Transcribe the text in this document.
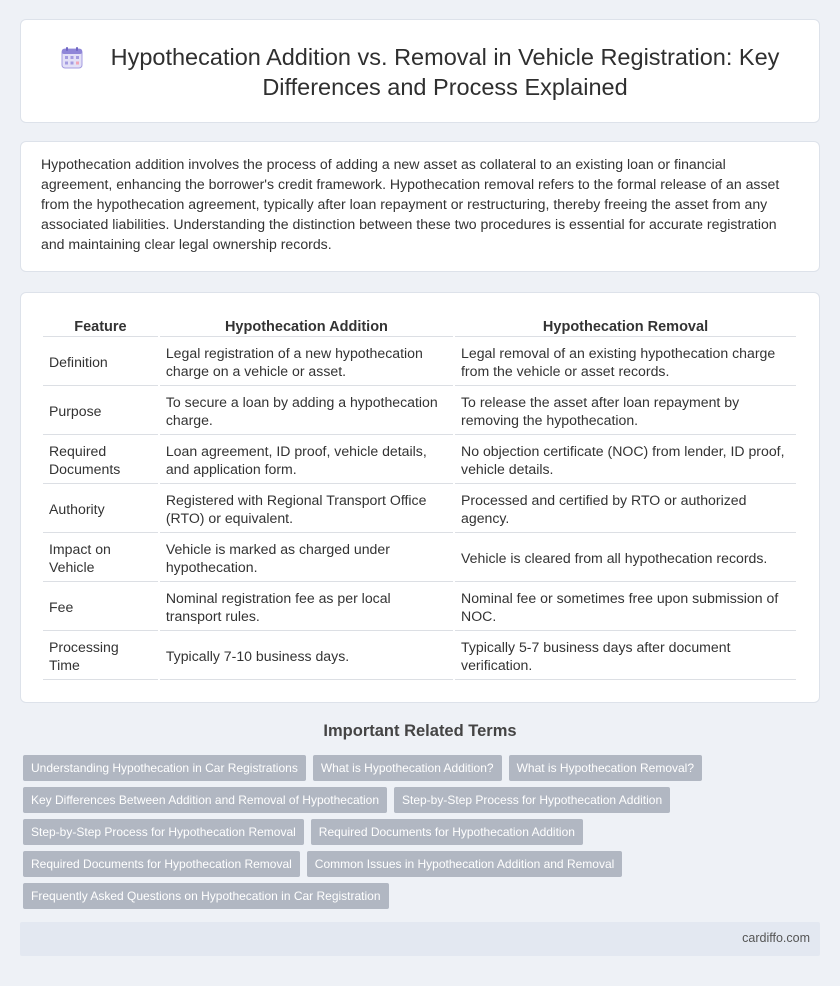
Hypothecation Addition vs. Removal in Vehicle Registration: Key Differences and Process Explained

Hypothecation addition involves the process of adding a new asset as collateral to an existing loan or financial agreement, enhancing the borrower's credit framework. Hypothecation removal refers to the formal release of an asset from the hypothecation agreement, typically after loan repayment or restructuring, thereby freeing the asset from any associated liabilities. Understanding the distinction between these two procedures is essential for accurate registration and maintaining clear legal ownership records.

Feature	Hypothecation Addition	Hypothecation Removal
Definition	Legal registration of a new hypothecation charge on a vehicle or asset.	Legal removal of an existing hypothecation charge from the vehicle or asset records.
Purpose	To secure a loan by adding a hypothecation charge.	To release the asset after loan repayment by removing the hypothecation.
Required Documents	Loan agreement, ID proof, vehicle details, and application form.	No objection certificate (NOC) from lender, ID proof, vehicle details.
Authority	Registered with Regional Transport Office (RTO) or equivalent.	Processed and certified by RTO or authorized agency.
Impact on Vehicle	Vehicle is marked as charged under hypothecation.	Vehicle is cleared from all hypothecation records.
Fee	Nominal registration fee as per local transport rules.	Nominal fee or sometimes free upon submission of NOC.
Processing Time	Typically 7-10 business days.	Typically 5-7 business days after document verification.
Important Related Terms
Understanding Hypothecation in Car Registrations	What is Hypothecation Addition?	What is Hypothecation Removal?
Key Differences Between Addition and Removal of Hypothecation	Step-by-Step Process for Hypothecation Addition
Step-by-Step Process for Hypothecation Removal	Required Documents for Hypothecation Addition
Required Documents for Hypothecation Removal	Common Issues in Hypothecation Addition and Removal
Frequently Asked Questions on Hypothecation in Car Registration
cardiffo.com
